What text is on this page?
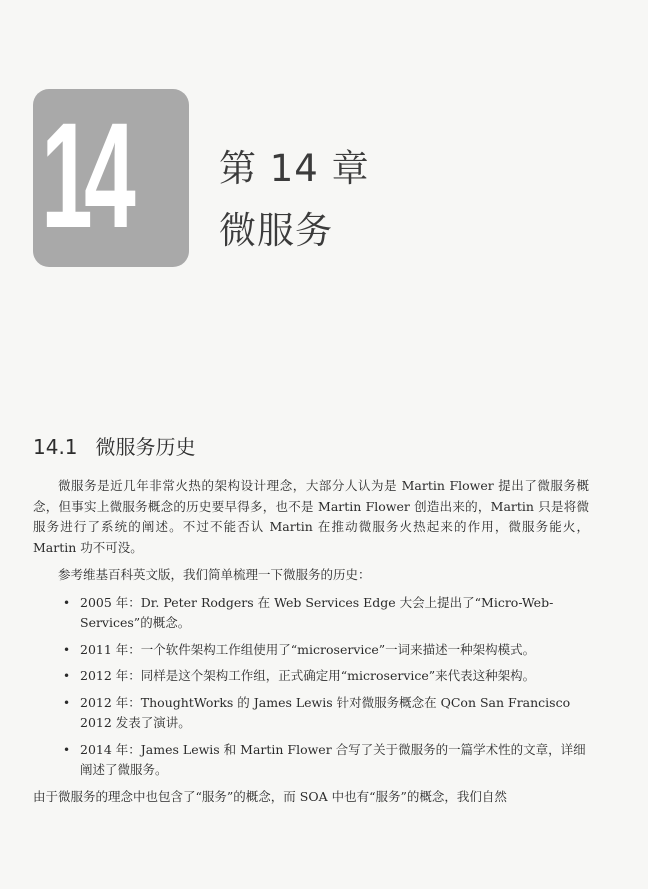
14 第 14 章
微服务
14.1 微服务历史

微服务是近几年非常火热的架构设计理念，大部分人认为是 Martin Flower 提出了微服务概念，但事实上微服务概念的历史要早得多，也不是 Martin Flower 创造出来的，Martin 只是将微服务进行了系统的阐述。不过不能否认 Martin 在推动微服务火热起来的作用，微服务能火，Martin 功不可没。

参考维基百科英文版，我们简单梳理一下微服务的历史：

• 2005 年：Dr. Peter Rodgers 在 Web Services Edge 大会上提出了“Micro-Web-Services”的概念。
• 2011 年：一个软件架构工作组使用了“microservice”一词来描述一种架构模式。
• 2012 年：同样是这个架构工作组，正式确定用“microservice”来代表这种架构。
• 2012 年：ThoughtWorks 的 James Lewis 针对微服务概念在 QCon San Francisco 2012 发表了演讲。
• 2014 年：James Lewis 和 Martin Flower 合写了关于微服务的一篇学术性的文章，详细阐述了微服务。

由于微服务的理念中也包含了“服务”的概念，而 SOA 中也有“服务”的概念，我们自然
